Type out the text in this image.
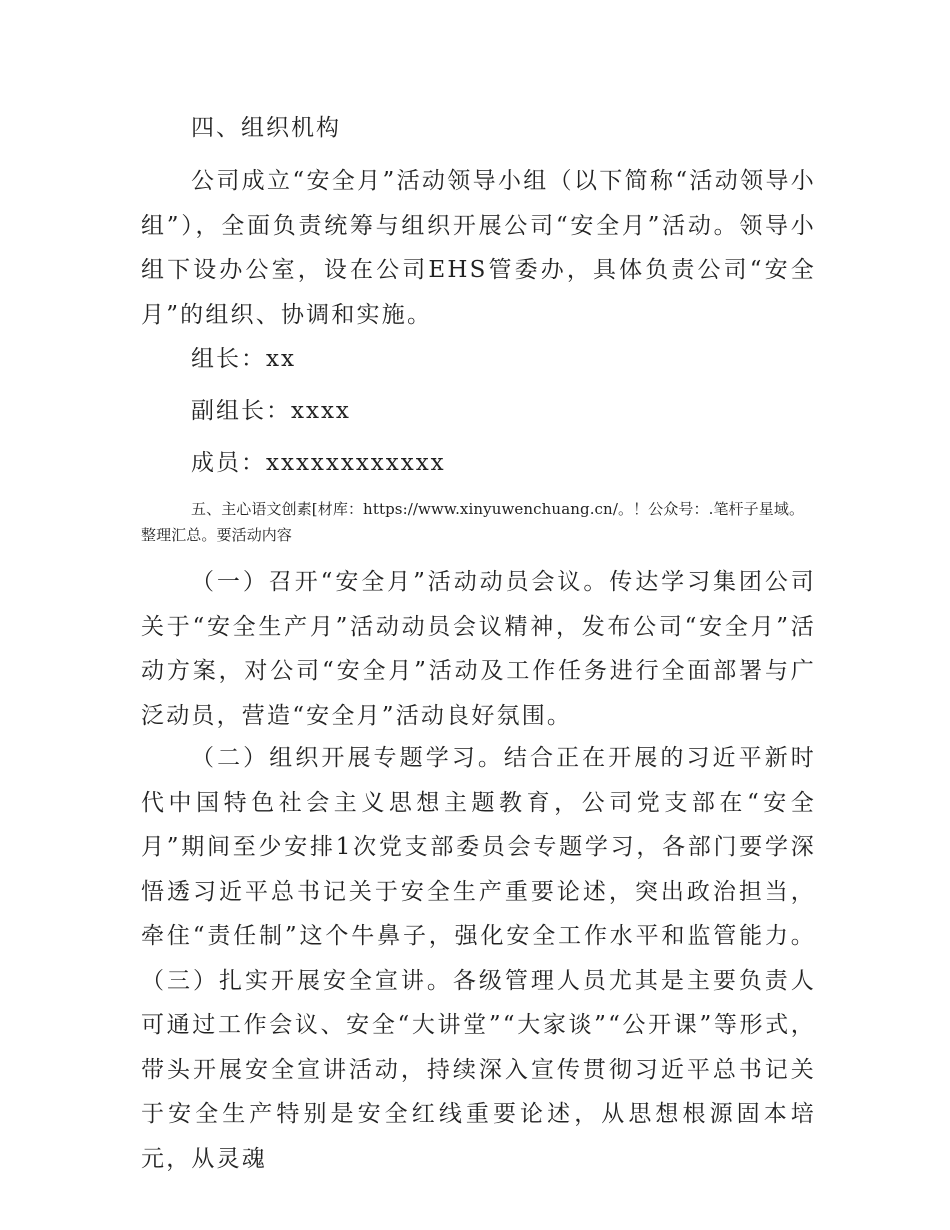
四、组织机构

公司成立“安全月”活动领导小组（以下简称“活动领导小组”），全面负责统筹与组织开展公司“安全月”活动。领导小组下设办公室，设在公司EHS管委办，具体负责公司“安全月”的组织、协调和实施。

组长：xx
副组长：xxxx
成员：xxxxxxxxxxxx

五、主心语文创素[材库：https://www.xinyuwenchuang.cn/。！公众号：.笔杆子星域。
整理汇总。要活动内容

（一）召开“安全月”活动动员会议。传达学习集团公司关于“安全生产月”活动动员会议精神，发布公司“安全月”活动方案，对公司“安全月”活动及工作任务进行全面部署与广泛动员，营造“安全月”活动良好氛围。

（二）组织开展专题学习。结合正在开展的习近平新时代中国特色社会主义思想主题教育，公司党支部在“安全月”期间至少安排1次党支部委员会专题学习，各部门要学深悟透习近平总书记关于安全生产重要论述，突出政治担当，牵住“责任制”这个牛鼻子，强化安全工作水平和监管能力。 （三）扎实开展安全宣讲。各级管理人员尤其是主要负责人可通过工作会议、安全“大讲堂”“大家谈”“公开课”等形式，带头开展安全宣讲活动，持续深入宣传贯彻习近平总书记关于安全生产特别是安全红线重要论述，从思想根源固本培元，从灵魂
